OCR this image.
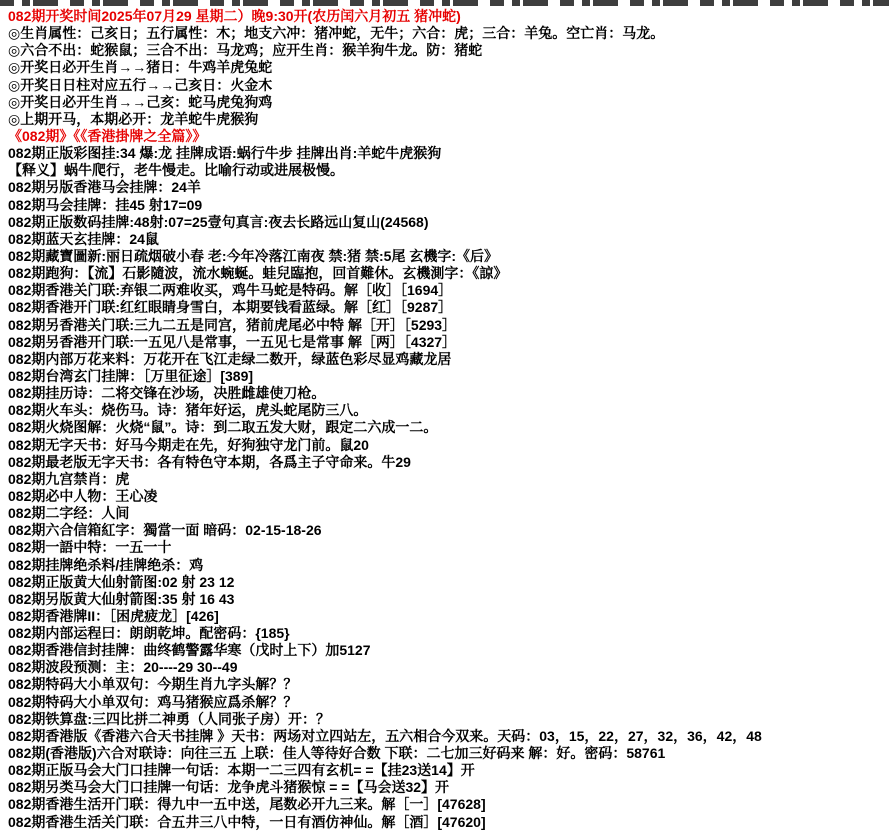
082期开奖时间2025年07月29 星期二）晚9:30开(农历闰六月初五 猪冲蛇)
◎生肖属性：己亥日；五行属性：木；地支六冲：猪冲蛇，无牛；六合：虎；三合：羊兔。空亡肖：马龙。
◎六合不出：蛇猴鼠；三合不出：马龙鸡；应开生肖：猴羊狗牛龙。防：猪蛇
◎开奖日必开生肖→→猪日：牛鸡羊虎兔蛇
◎开奖日日柱对应五行→→己亥日：火金木
◎开奖日必开生肖→→己亥：蛇马虎兔狗鸡
◎上期开马，本期必开：龙羊蛇牛虎猴狗
《082期》《《香港掛牌之全篇》》
082期正版彩图挂:34 爆:龙 挂牌成语:蜗行牛步 挂牌出肖:羊蛇牛虎猴狗
【释义】蜗牛爬行，老牛慢走。比喻行动或进展极慢。
082期另版香港马会挂牌：24羊
082期马会挂牌：挂45 射17=09
082期正版数码挂牌:48射:07=25壹句真言:夜去长路远山复山(24568)
082期蓝天玄挂牌：24鼠
082期藏寶圖新:丽日疏烟破小春 老:今年冷落江南夜 禁:猪 禁:5尾 玄機字:《后》
082期跑狗：【流】石影隨波，流水蜿蜒。蛙兒臨抱，回首難休。玄機測字：《諒》
082期香港关门联:弃银二两难收买，鸡牛马蛇是特码。解［收］［1694］
082期香港开门联:红红眼睛身雪白，本期要钱看蓝绿。解［红］［9287］
082期另香港关门联:三九二五是同宫，猪前虎尾必中特 解［开］［5293］
082期另香港开门联:一五见八是常事，一五见七是常事 解［两］［4327］
082期内部万花来料：万花开在飞江走绿二数开，绿蓝色彩尽显鸡藏龙居
082期台湾玄门挂牌：［万里征途］[389]
082期挂历诗：二将交锋在沙场，决胜雌雄使刀枪。
082期火车头：烧伤马。诗：猪年好运，虎头蛇尾防三八。
082期火烧图解：火烧“鼠”。诗：到二取五发大财，跟定二六成一二。
082期无字天书：好马今期走在先，好狗独守龙门前。鼠20
082期最老版无字天书：各有特色守本期，各爲主子守命来。牛29
082期九宫禁肖：虎
082期必中人物：王心凌
082期二字经：人间
082期六合信箱紅字：獨當一面 暗码：02-15-18-26
082期一語中特：一五一十
082期挂牌绝杀料/挂牌绝杀：鸡
082期正版黄大仙射箭图:02 射 23 12
082期另版黄大仙射箭图:35 射 16 43
082期香港牌II：［困虎疲龙］[426]
082期内部运程曰：朗朗乾坤。配密码：{185}
082期香港信封挂牌：曲终鹤警露华寒（戊时上下）加5127
082期波段预测：主：20----29 30--49
082期特码大小单双句：今期生肖九字头解？？
082期特码大小单双句：鸡马猪猴应爲杀解？？
082期铁算盘:三四比拼二神勇（人同张子房）开：？
082期香港版《香港六合天书挂牌 》天书：两场对立四站左，五六相合今双来。天码：03，15，22，27，32，36，42，48
082期(香港版)六合对联诗：向往三五 上联：佳人等待好合数 下联：二七加三好码来 解：好。密码：58761
082期正版马会大门口挂牌一句话：本期一二三四有玄机= =【挂23送14】开
082期另类马会大门口挂牌一句话：龙争虎斗猪猴惊 = =【马会送32】开
082期香港生活开门联：得九中一五中送，尾数必开九三来。解［一］[47628]
082期香港生活关门联：合五井三八中特，一日有酒仿神仙。解［酒］[47620]
